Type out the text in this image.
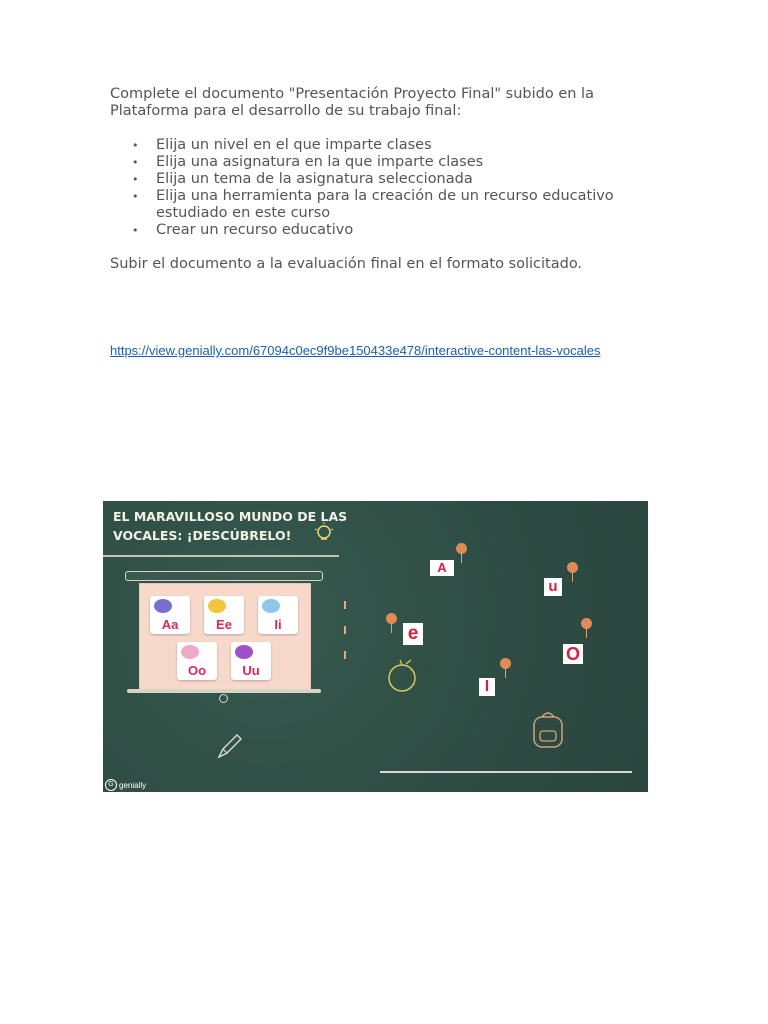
Complete el documento "Presentación Proyecto Final" subido en la Plataforma para el desarrollo de su trabajo final:

• Elija un nivel en el que imparte clases
• Elija una asignatura en la que imparte clases
• Elija un tema de la asignatura seleccionada
• Elija una herramienta para la creación de un recurso educativo estudiado en este curso
• Crear un recurso educativo

Subir el documento a la evaluación final en el formato solicitado.

https://view.genially.com/67094c0ec9f9be150433e478/interactive-content-las-vocales
EL MARAVILLOSO MUNDO DE LAS VOCALES: ¡DESCÚBRELO!
Aa	Ee	Ii
Oo	Uu
A
u
e
O
I
G genially
